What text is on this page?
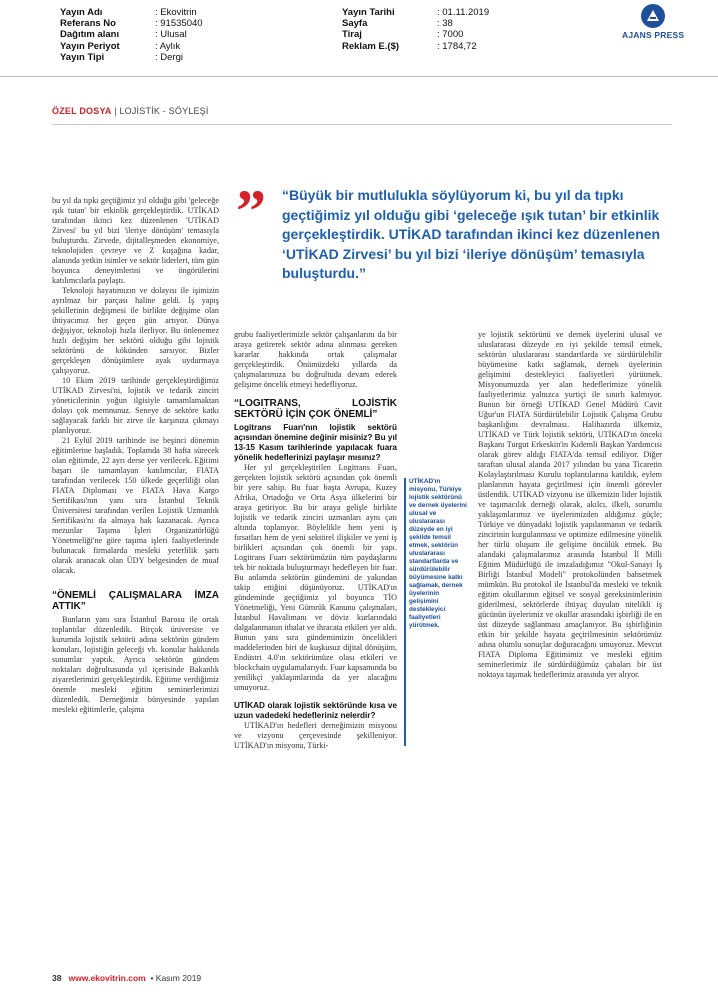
Yayın Adı	: Ekovitrin
Referans No	: 91535040
Dağıtım alanı	: Ulusal
Yayın Periyot	: Aylık
Yayın Tipi	: Dergi
Yayın Tarihi	: 01.11.2019
Sayfa	: 38
Tiraj	: 7000
Reklam E.($)	: 1784,72
AJANS PRESS
ÖZEL DOSYA | LOJİSTİK - SÖYLEŞİ
” “Büyük bir mutlulukla söylüyorum ki, bu yıl da tıpkı geçtiğimiz yıl olduğu gibi ‘geleceğe ışık tutan’ bir etkinlik gerçekleştirdik. UTİKAD tarafından ikinci kez düzenlenen ‘UTİKAD Zirvesi’ bu yıl bizi ‘ileriye dönüşüm’ temasıyla buluşturdu.”

bu yıl da tıpkı geçtiğimiz yıl olduğu gibi 'geleceğe ışık tutan' bir etkinlik gerçekleştirdik. UTİKAD tarafından ikinci kez düzenlenen 'UTİKAD Zirvesi' bu yıl bizi 'ileriye dönüşüm' temasıyla buluşturdu. Zirvede, dijitalleşmeden ekonomiye, teknolojiden çevreye ve Z kuşağına kadar, alanında yetkin isimler ve sektör liderleri, tüm gün boyunca deneyimlerini ve öngörülerini katılımcılarla paylaştı.

Teknoloji hayatımızın ve dolayısı ile işimizin ayrılmaz bir parçası haline geldi. İş yapış şekillerinin değişmesi ile birlikte değişime olan ihtiyacımız her geçen gün artıyor. Dünya değişiyor, teknoloji hızla ilerliyor. Bu önlenemez hızlı değişim her sektörü olduğu gibi lojistik sektörünü de kökünden sarsıyor. Bizler gerçekleşen dönüşümlere ayak uydurmaya çalışıyoruz.

10 Ekim 2019 tarihinde gerçekleştirdiğimiz UTİKAD Zirvesi'ni, lojistik ve tedarik zinciri yöneticilerinin yoğun ilgisiyle tamamlamaktan dolayı çok memnunuz. Seneye de sektöre katkı sağlayacak farklı bir zirve ile karşınıza çıkmayı planlıyoruz.

21 Eylül 2019 tarihinde ise beşinci dönemin eğitimlerine başladık. Toplamda 38 hafta sürecek olan eğitimde, 22 ayrı derse yer verilecek. Eğitimi başarı ile tamamlayan katılımcılar, FIATA tarafından verilecek 150 ülkede geçerliliği olan FIATA Diploması ve FIATA Hava Kargo Sertifikası'nın yanı sıra İstanbul Teknik Üniversitesi tarafından verilen Lojistik Uzmanlık Sertifikası'nı da almaya hak kazanacak. Ayrıca mezunlar Taşıma İşleri Organizatörlüğü Yönetmeliği'ne göre taşıma işleri faaliyetlerinde bulunacak firmalarda mesleki yeterlilik şartı olarak aranacak olan ÜDY belgesinden de muaf olacak.

“ÖNEMLİ ÇALIŞMALARA İMZA ATTIK”

Bunların yanı sıra İstanbul Barosu ile ortak toplantılar düzenledik. Birçok üniversite ve kurumda lojistik sektörü adına sektörün gündem konuları, lojistiğin geleceği vb. konular hakkında sunumlar yaptık. Ayrıca sektörün gündem noktaları doğrultusunda yıl içerisinde Bakanlık ziyaretlerimizi gerçekleştirdik. Eğitime verdiğimiz önemle mesleki eğitim seminerlerimizi düzenledik. Derneğimiz bünyesinde yapılan mesleki eğitimlerle, çalışma

grubu faaliyetlerimizle sektör çalışanlarını da bir araya getirerek sektör adına alınması gereken kararlar hakkında ortak çalışmalar gerçekleştirdik. Önümüzdeki yıllarda da çalışmalarımıza bu doğrultuda devam ederek gelişime öncelik etmeyi hedefliyoruz.

“LOGITRANS, LOJİSTİK SEKTÖRÜ İÇİN ÇOK ÖNEMLİ”

Logitrans Fuarı'nın lojistik sektörü açısından önemine değinir misiniz? Bu yıl 13-15 Kasım tarihlerinde yapılacak fuara yönelik hedeflerinizi paylaşır mısınız?

Her yıl gerçekleştirilen Logitrans Fuarı, gerçekten lojistik sektörü açısından çok önemli bir yere sahip. Bu fuar başta Avrupa, Kuzey Afrika, Ortadoğu ve Orta Asya ülkelerini bir araya getiriyor. Bu bir araya gelişle birlikte lojistik ve tedarik zinciri uzmanları aynı çatı altında toplanıyor. Böylelikle hem yeni iş fırsatları hem de yeni sektörel ilişkiler ve yeni iş birlikleri açısından çok önemli bir yapı. Logitrans Fuarı sektörümüzün tüm paydaşlarını tek bir noktada buluşturmayı hedefleyen bir fuar. Bu anlamda sektörün gündemini de yakından takip ettiğini düşünüyoruz. UTİKAD'ın gündeminde geçtiğimiz yıl boyunca TİO Yönetmeliği, Yeni Gümrük Kanunu çalışmaları, İstanbul Havalimanı ve döviz kurlarındaki dalgalanmanın ithalat ve ihracata etkileri yer aldı. Bunun yanı sıra gündemimizin öncelikleri maddelerinden biri de kuşkusuz dijital dönüşüm, Endüstri 4.0'ın sektörümüze olası etkileri ve blockchain uygulamalarıydı. Fuar kapsamında bu yenilikçi yaklaşımlarında da yer alacağını umuyoruz.

UTİKAD olarak lojistik sektöründe kısa ve uzun vadedeki hedefleriniz nelerdir?

UTİKAD'ın hedefleri derneğimizin misyonu ve vizyonu çerçevesinde şekilleniyor. UTİKAD'ın misyonu, Türki-

UTİKAD'ın misyonu, Türkiye lojistik sektörünü ve dernek üyelerini ulusal ve uluslararası düzeyde en iyi şekilde temsil etmek, sektörün uluslararası standartlarda ve sürdürülebilir büyümesine katkı sağlamak, dernek üyelerinin gelişimini destekleyici faaliyetleri yürütmek.

ye lojistik sektörünü ve dernek üyelerini ulusal ve uluslararası düzeyde en iyi şekilde temsil etmek, sektörün uluslararası standartlarda ve sürdürülebilir büyümesine katkı sağlamak, dernek üyelerinin gelişimini destekleyici faaliyetleri yürütmek. Misyonumuzda yer alan hedeflerimize yönelik faaliyetlerimiz yalnızca yurtiçi ile sınırlı kalmıyor. Bunun bir örneği UTİKAD Genel Müdürü Cavit Uğur'un FIATA Sürdürülebilir Lojistik Çalışma Grubu başkanlığını devralması. Halihazırda ülkemiz, UTİKAD ve Türk lojistik sektörü, UTİKAD'ın önceki Başkanı Turgut Erkeskin'in Kıdemli Başkan Yardımcısı olarak görev aldığı FIATA'da temsil ediliyor. Diğer taraftan ulusal alanda 2017 yılından bu yana Ticaretin Kolaylaştırılması Kurulu toplantılarına katıldık, eylem planlarının hayata geçirilmesi için önemli görevler üstlendik. UTİKAD vizyonu ise ülkemizin lider lojistik ve taşımacılık derneği olarak, akılcı, ilkeli, sorumlu yaklaşımlarımız ve üyelerimizden aldığımız güçle; Türkiye ve dünyadaki lojistik yapılanmanın ve tedarik zincirinin kurgulanması ve optimize edilmesine yönelik her türlü oluşum ile gelişime öncülük etmek. Bu alandaki çalışmalarımız arasında İstanbul İl Milli Eğitim Müdürlüğü ile imzaladığımız "Okul-Sanayi İş Birliği İstanbul Modeli" protokolünden bahsetmek mümkün. Bu protokol ile İstanbul'da mesleki ve teknik eğitim okullarının eğitsel ve sosyal gereksinimlerinin giderilmesi, sektörlerde ihtiyaç duyulan nitelikli iş gücünün üyelerimiz ve okullar arasındaki işbirliği ile en üst düzeyde sağlanması amaçlanıyor. Bu işbirliğinin etkin bir şekilde hayata geçirilmesinin sektörümüz adına olumlu sonuçlar doğuracağını umuyoruz. Mevcut FIATA Diploma Eğitimimiz ve mesleki eğitim seminerlerimiz ile sürdürdüğümüz çabaları bir üst noktaya taşımak hedeflerimiz arasında yer alıyor.

38 www.ekovitrin.com • Kasım 2019
